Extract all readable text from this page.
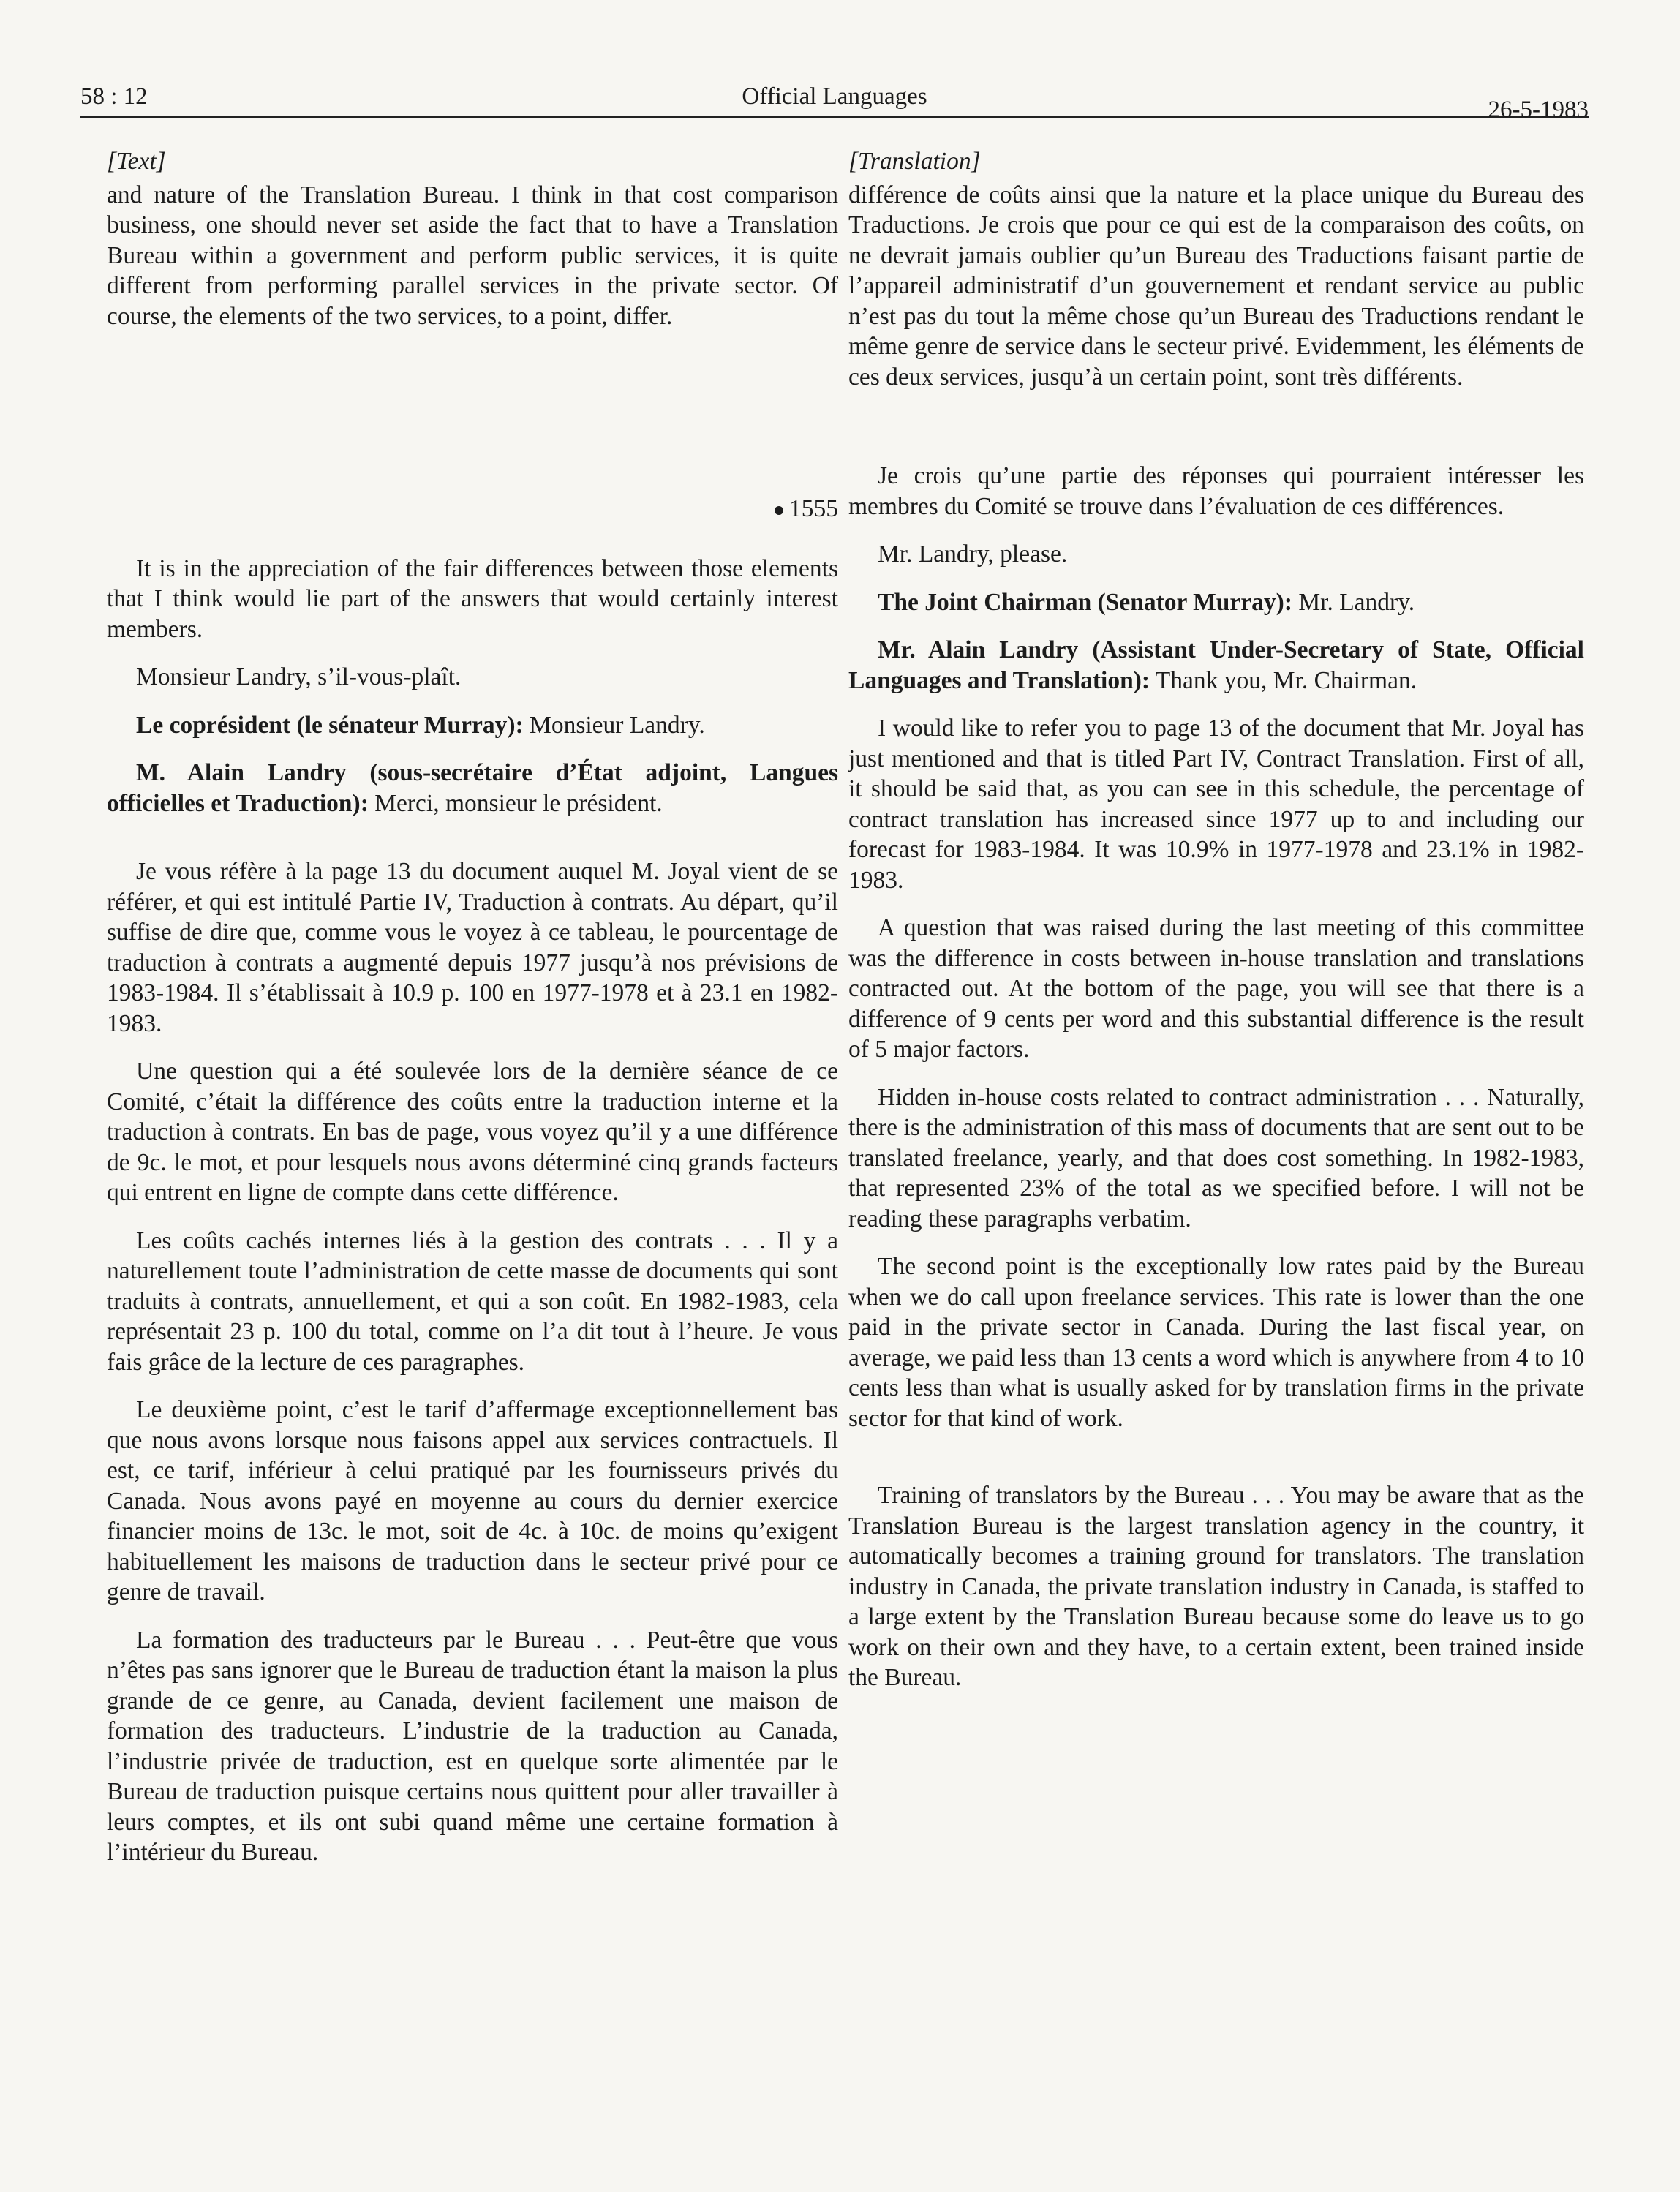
58 : 12	Official Languages	26-5-1983
[Text]

and nature of the Translation Bureau. I think in that cost comparison business, one should never set aside the fact that to have a Translation Bureau within a government and perform public services, it is quite different from performing parallel services in the private sector. Of course, the elements of the two services, to a point, differ.

1555

It is in the appreciation of the fair differences between those elements that I think would lie part of the answers that would certainly interest members.

Monsieur Landry, s’il-vous-plaît.

Le coprésident (le sénateur Murray): Monsieur Landry.

M. Alain Landry (sous-secrétaire d’État adjoint, Langues officielles et Traduction): Merci, monsieur le président.

Je vous réfère à la page 13 du document auquel M. Joyal vient de se référer, et qui est intitulé Partie IV, Traduction à contrats. Au départ, qu’il suffise de dire que, comme vous le voyez à ce tableau, le pourcentage de traduction à contrats a augmenté depuis 1977 jusqu’à nos prévisions de 1983-1984. Il s’établissait à 10.9 p. 100 en 1977-1978 et à 23.1 en 1982-1983.

Une question qui a été soulevée lors de la dernière séance de ce Comité, c’était la différence des coûts entre la traduction interne et la traduction à contrats. En bas de page, vous voyez qu’il y a une différence de 9c. le mot, et pour lesquels nous avons déterminé cinq grands facteurs qui entrent en ligne de compte dans cette différence.

Les coûts cachés internes liés à la gestion des contrats . . . Il y a naturellement toute l’administration de cette masse de documents qui sont traduits à contrats, annuellement, et qui a son coût. En 1982-1983, cela représentait 23 p. 100 du total, comme on l’a dit tout à l’heure. Je vous fais grâce de la lecture de ces paragraphes.

Le deuxième point, c’est le tarif d’affermage exceptionnellement bas que nous avons lorsque nous faisons appel aux services contractuels. Il est, ce tarif, inférieur à celui pratiqué par les fournisseurs privés du Canada. Nous avons payé en moyenne au cours du dernier exercice financier moins de 13c. le mot, soit de 4c. à 10c. de moins qu’exigent habituellement les maisons de traduction dans le secteur privé pour ce genre de travail.

La formation des traducteurs par le Bureau . . . Peut-être que vous n’êtes pas sans ignorer que le Bureau de traduction étant la maison la plus grande de ce genre, au Canada, devient facilement une maison de formation des traducteurs. L’industrie de la traduction au Canada, l’industrie privée de traduction, est en quelque sorte alimentée par le Bureau de traduction puisque certains nous quittent pour aller travailler à leurs comptes, et ils ont subi quand même une certaine formation à l’intérieur du Bureau.

[Translation]

différence de coûts ainsi que la nature et la place unique du Bureau des Traductions. Je crois que pour ce qui est de la comparaison des coûts, on ne devrait jamais oublier qu’un Bureau des Traductions faisant partie de l’appareil administratif d’un gouvernement et rendant service au public n’est pas du tout la même chose qu’un Bureau des Traductions rendant le même genre de service dans le secteur privé. Evidemment, les éléments de ces deux services, jusqu’à un certain point, sont très différents.

Je crois qu’une partie des réponses qui pourraient intéresser les membres du Comité se trouve dans l’évaluation de ces différences.

Mr. Landry, please.

The Joint Chairman (Senator Murray): Mr. Landry.

Mr. Alain Landry (Assistant Under-Secretary of State, Official Languages and Translation): Thank you, Mr. Chairman.

I would like to refer you to page 13 of the document that Mr. Joyal has just mentioned and that is titled Part IV, Contract Translation. First of all, it should be said that, as you can see in this schedule, the percentage of contract translation has increased since 1977 up to and including our forecast for 1983-1984. It was 10.9% in 1977-1978 and 23.1% in 1982-1983.

A question that was raised during the last meeting of this committee was the difference in costs between in-house translation and translations contracted out. At the bottom of the page, you will see that there is a difference of 9 cents per word and this substantial difference is the result of 5 major factors.

Hidden in-house costs related to contract administration . . . Naturally, there is the administration of this mass of documents that are sent out to be translated freelance, yearly, and that does cost something. In 1982-1983, that represented 23% of the total as we specified before. I will not be reading these paragraphs verbatim.

The second point is the exceptionally low rates paid by the Bureau when we do call upon freelance services. This rate is lower than the one paid in the private sector in Canada. During the last fiscal year, on average, we paid less than 13 cents a word which is anywhere from 4 to 10 cents less than what is usually asked for by translation firms in the private sector for that kind of work.

Training of translators by the Bureau . . . You may be aware that as the Translation Bureau is the largest translation agency in the country, it automatically becomes a training ground for translators. The translation industry in Canada, the private translation industry in Canada, is staffed to a large extent by the Translation Bureau because some do leave us to go work on their own and they have, to a certain extent, been trained inside the Bureau.
